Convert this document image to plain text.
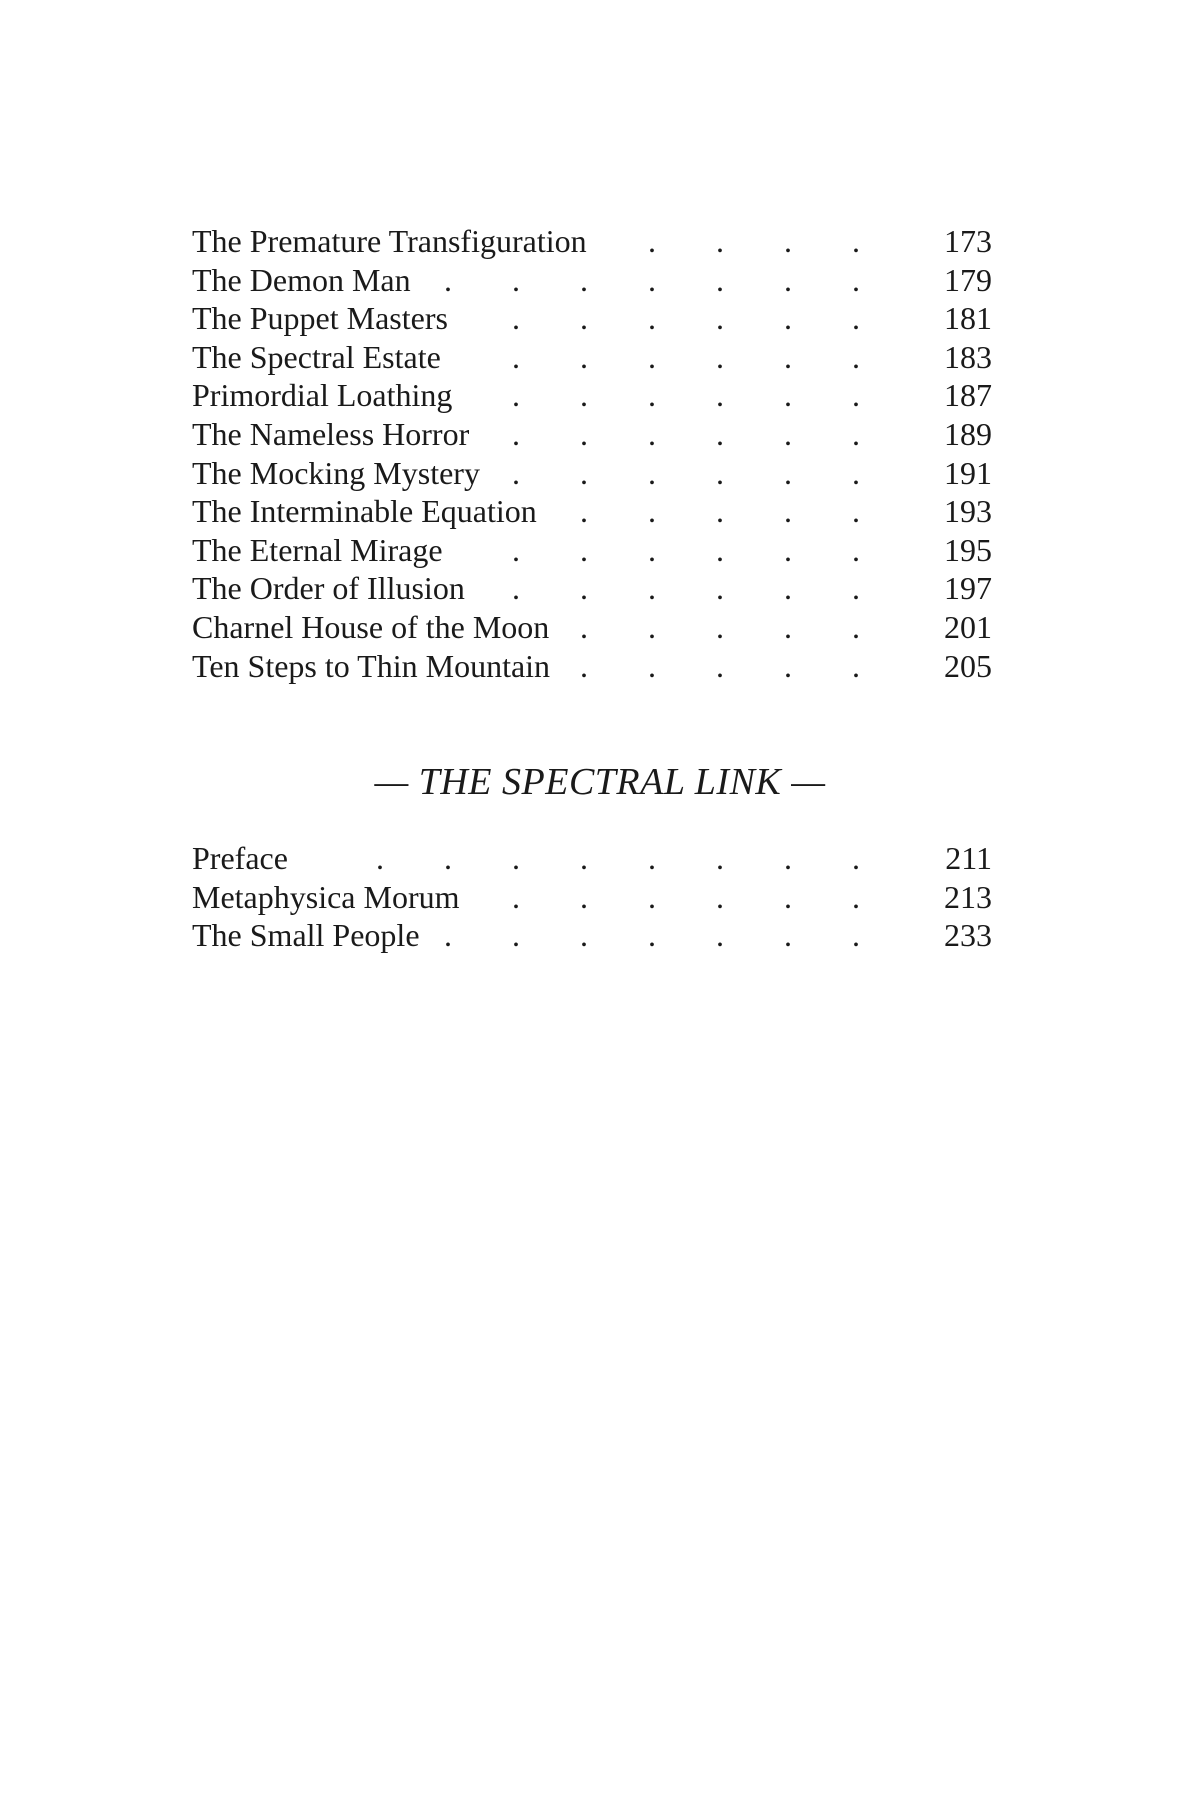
The Premature Transfiguration	173
. . . .
The Demon Man	179
. . . . . . .
The Puppet Masters	181
. . . . . .
The Spectral Estate	183
. . . . . .
Primordial Loathing	187
. . . . . .
The Nameless Horror	189
. . . . . .
The Mocking Mystery	191
. . . . . .
The Interminable Equation	193
. . . . .
The Eternal Mirage	195
. . . . . .
The Order of Illusion	197
. . . . . .
Charnel House of the Moon	201
. . . . .
Ten Steps to Thin Mountain	205
. . . . .
— THE SPECTRAL LINK —
Preface	211
. . . . . . . .
Metaphysica Morum	213
. . . . . .
The Small People	233
. . . . . . .
